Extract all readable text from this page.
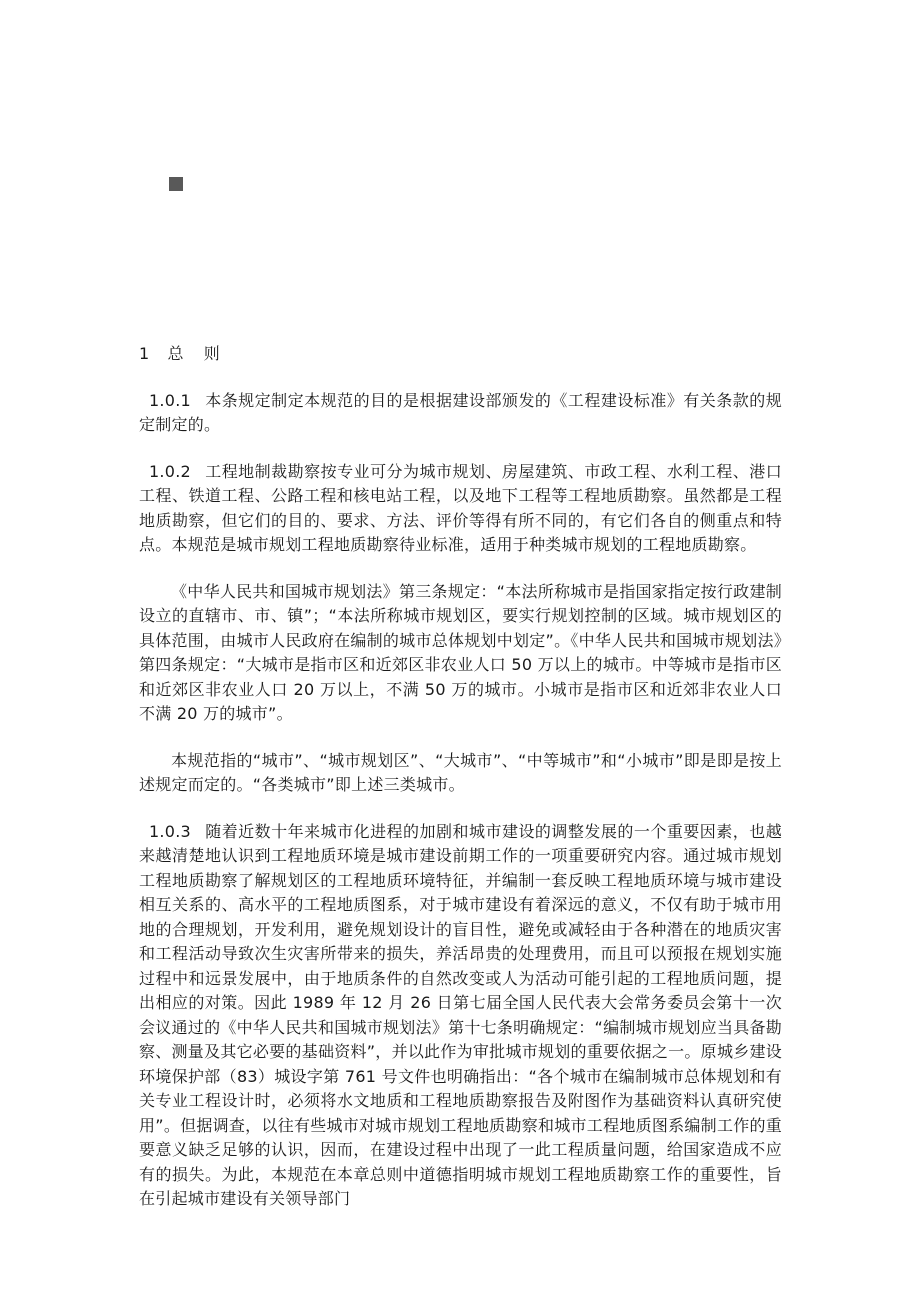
1 总 则

1.0.1 本条规定制定本规范的目的是根据建设部颁发的《工程建设标准》有关条款的规定制定的。

1.0.2 工程地制裁勘察按专业可分为城市规划、房屋建筑、市政工程、水利工程、港口工程、铁道工程、公路工程和核电站工程，以及地下工程等工程地质勘察。虽然都是工程地质勘察，但它们的目的、要求、方法、评价等得有所不同的，有它们各自的侧重点和特点。本规范是城市规划工程地质勘察待业标准，适用于种类城市规划的工程地质勘察。

《中华人民共和国城市规划法》第三条规定：“本法所称城市是指国家指定按行政建制设立的直辖市、市、镇”；“本法所称城市规划区，要实行规划控制的区域。城市规划区的具体范围，由城市人民政府在编制的城市总体规划中划定”。《中华人民共和国城市规划法》第四条规定：“大城市是指市区和近郊区非农业人口 50 万以上的城市。中等城市是指市区和近郊区非农业人口 20 万以上，不满 50 万的城市。小城市是指市区和近郊非农业人口不满 20 万的城市”。

本规范指的“城市”、“城市规划区”、“大城市”、“中等城市”和“小城市”即是即是按上述规定而定的。“各类城市”即上述三类城市。

1.0.3 随着近数十年来城市化进程的加剧和城市建设的调整发展的一个重要因素，也越来越清楚地认识到工程地质环境是城市建设前期工作的一项重要研究内容。通过城市规划工程地质勘察了解规划区的工程地质环境特征，并编制一套反映工程地质环境与城市建设相互关系的、高水平的工程地质图系，对于城市建设有着深远的意义，不仅有助于城市用地的合理规划，开发利用，避免规划设计的盲目性，避免或减轻由于各种潜在的地质灾害和工程活动导致次生灾害所带来的损失，养活昂贵的处理费用，而且可以预报在规划实施过程中和远景发展中，由于地质条件的自然改变或人为活动可能引起的工程地质问题，提出相应的对策。因此 1989 年 12 月 26 日第七届全国人民代表大会常务委员会第十一次会议通过的《中华人民共和国城市规划法》第十七条明确规定：“编制城市规划应当具备勘察、测量及其它必要的基础资料”，并以此作为审批城市规划的重要依据之一。原城乡建设环境保护部（83）城设字第 761 号文件也明确指出：“各个城市在编制城市总体规划和有关专业工程设计时，必须将水文地质和工程地质勘察报告及附图作为基础资料认真研究使用”。但据调查，以往有些城市对城市规划工程地质勘察和城市工程地质图系编制工作的重要意义缺乏足够的认识，因而，在建设过程中出现了一此工程质量问题，给国家造成不应有的损失。为此，本规范在本章总则中道德指明城市规划工程地质勘察工作的重要性，旨在引起城市建设有关领导部门
